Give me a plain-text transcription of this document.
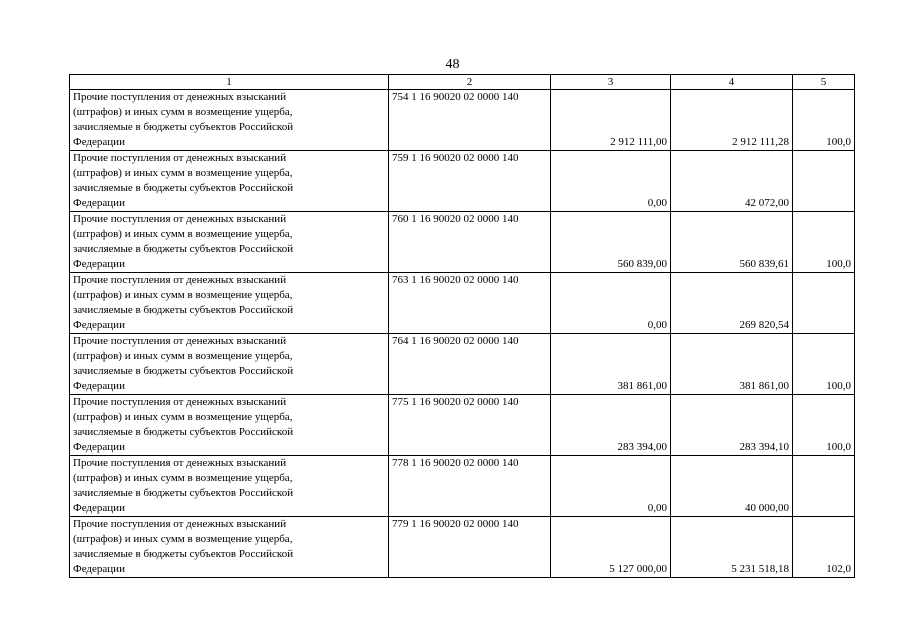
48
1	2	3	4	5

Прочие поступления от денежных взысканий
(штрафов) и иных сумм в возмещение ущерба,
зачисляемые в бюджеты субъектов Российской
Федерации	754 1 16 90020 02 0000 140	2 912 111,00	2 912 111,28	100,0

Прочие поступления от денежных взысканий
(штрафов) и иных сумм в возмещение ущерба,
зачисляемые в бюджеты субъектов Российской
Федерации	759 1 16 90020 02 0000 140	0,00	42 072,00	

Прочие поступления от денежных взысканий
(штрафов) и иных сумм в возмещение ущерба,
зачисляемые в бюджеты субъектов Российской
Федерации	760 1 16 90020 02 0000 140	560 839,00	560 839,61	100,0

Прочие поступления от денежных взысканий
(штрафов) и иных сумм в возмещение ущерба,
зачисляемые в бюджеты субъектов Российской
Федерации	763 1 16 90020 02 0000 140	0,00	269 820,54	

Прочие поступления от денежных взысканий
(штрафов) и иных сумм в возмещение ущерба,
зачисляемые в бюджеты субъектов Российской
Федерации	764 1 16 90020 02 0000 140	381 861,00	381 861,00	100,0

Прочие поступления от денежных взысканий
(штрафов) и иных сумм в возмещение ущерба,
зачисляемые в бюджеты субъектов Российской
Федерации	775 1 16 90020 02 0000 140	283 394,00	283 394,10	100,0

Прочие поступления от денежных взысканий
(штрафов) и иных сумм в возмещение ущерба,
зачисляемые в бюджеты субъектов Российской
Федерации	778 1 16 90020 02 0000 140	0,00	40 000,00	

Прочие поступления от денежных взысканий
(штрафов) и иных сумм в возмещение ущерба,
зачисляемые в бюджеты субъектов Российской
Федерации	779 1 16 90020 02 0000 140	5 127 000,00	5 231 518,18	102,0
